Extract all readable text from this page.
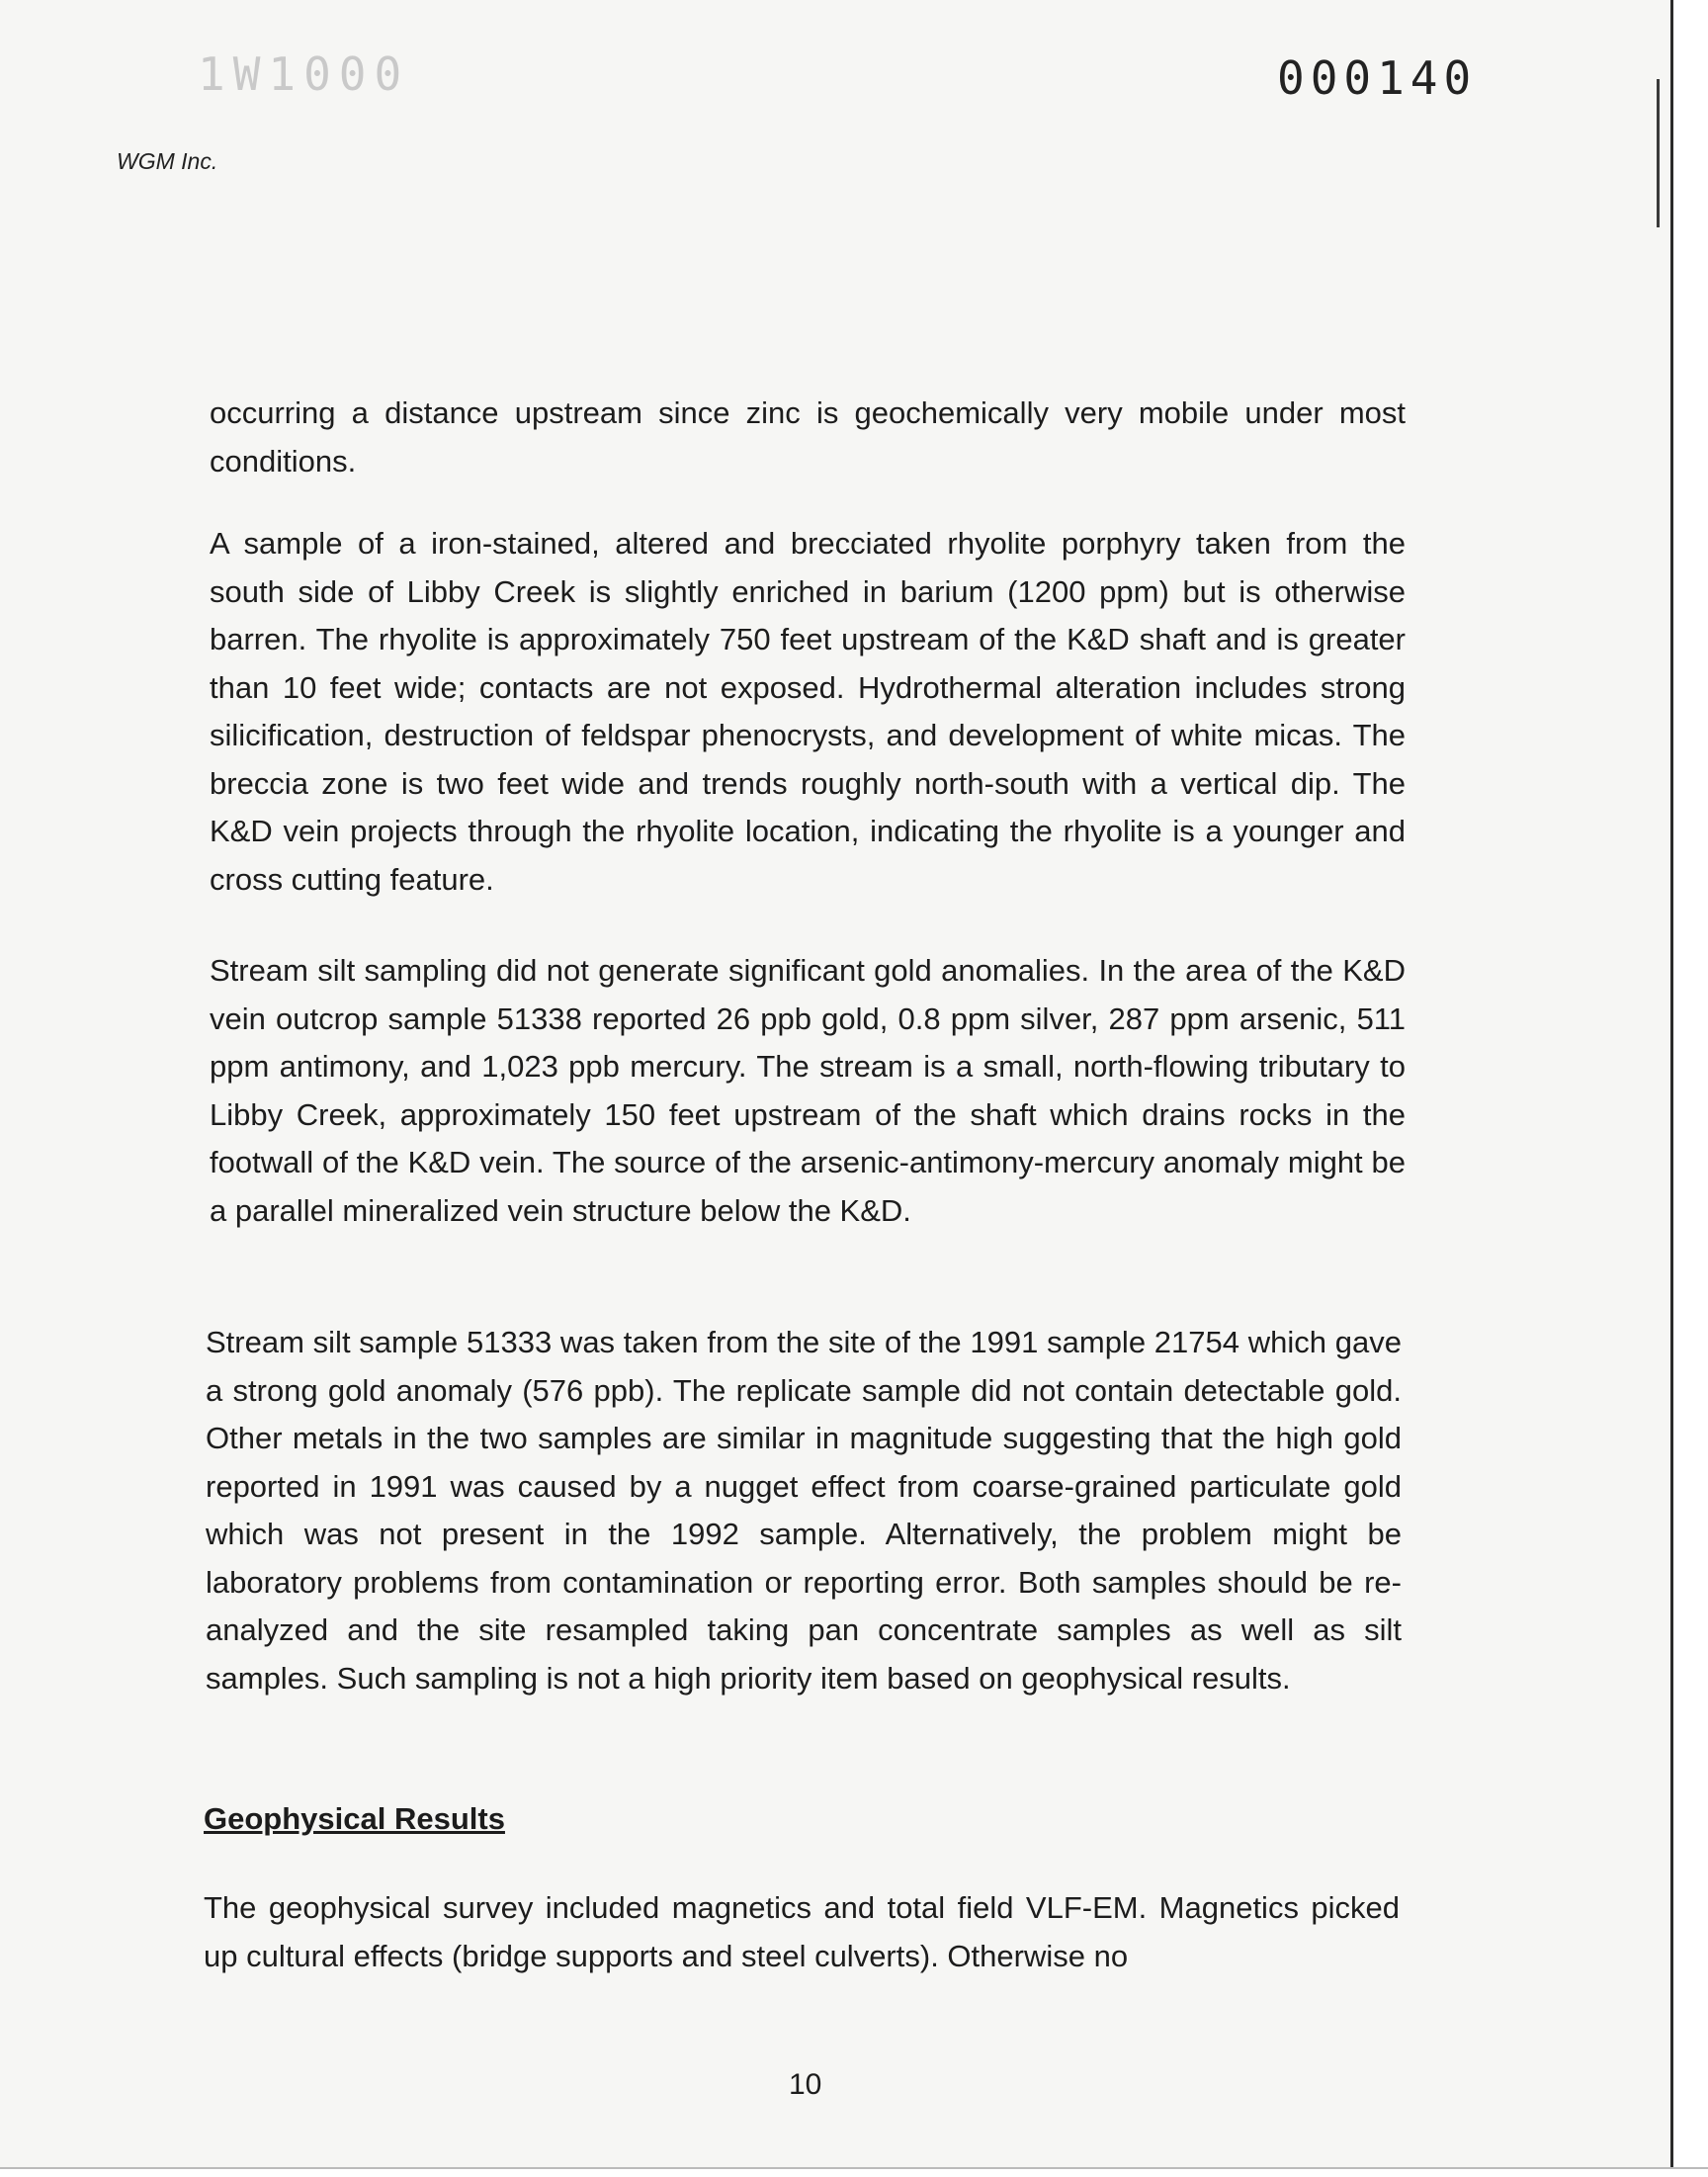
1W1000	000140
WGM Inc.

occurring a distance upstream since zinc is geochemically very mobile under most conditions.

A sample of a iron-stained, altered and brecciated rhyolite porphyry taken from the south side of Libby Creek is slightly enriched in barium (1200 ppm) but is otherwise barren. The rhyolite is approximately 750 feet upstream of the K&D shaft and is greater than 10 feet wide; contacts are not exposed. Hydrothermal alteration includes strong silicification, destruction of feldspar phenocrysts, and development of white micas. The breccia zone is two feet wide and trends roughly north-south with a vertical dip. The K&D vein projects through the rhyolite location, indicating the rhyolite is a younger and cross cutting feature.

Stream silt sampling did not generate significant gold anomalies. In the area of the K&D vein outcrop sample 51338 reported 26 ppb gold, 0.8 ppm silver, 287 ppm arsenic, 511 ppm antimony, and 1,023 ppb mercury. The stream is a small, north-flowing tributary to Libby Creek, approximately 150 feet upstream of the shaft which drains rocks in the footwall of the K&D vein. The source of the arsenic-antimony-mercury anomaly might be a parallel mineralized vein structure below the K&D.

Stream silt sample 51333 was taken from the site of the 1991 sample 21754 which gave a strong gold anomaly (576 ppb). The replicate sample did not contain detectable gold. Other metals in the two samples are similar in magnitude suggesting that the high gold reported in 1991 was caused by a nugget effect from coarse-grained particulate gold which was not present in the 1992 sample. Alternatively, the problem might be laboratory problems from contamination or reporting error. Both samples should be re-analyzed and the site resampled taking pan concentrate samples as well as silt samples. Such sampling is not a high priority item based on geophysical results.

Geophysical Results

The geophysical survey included magnetics and total field VLF-EM. Magnetics picked up cultural effects (bridge supports and steel culverts). Otherwise no

10
